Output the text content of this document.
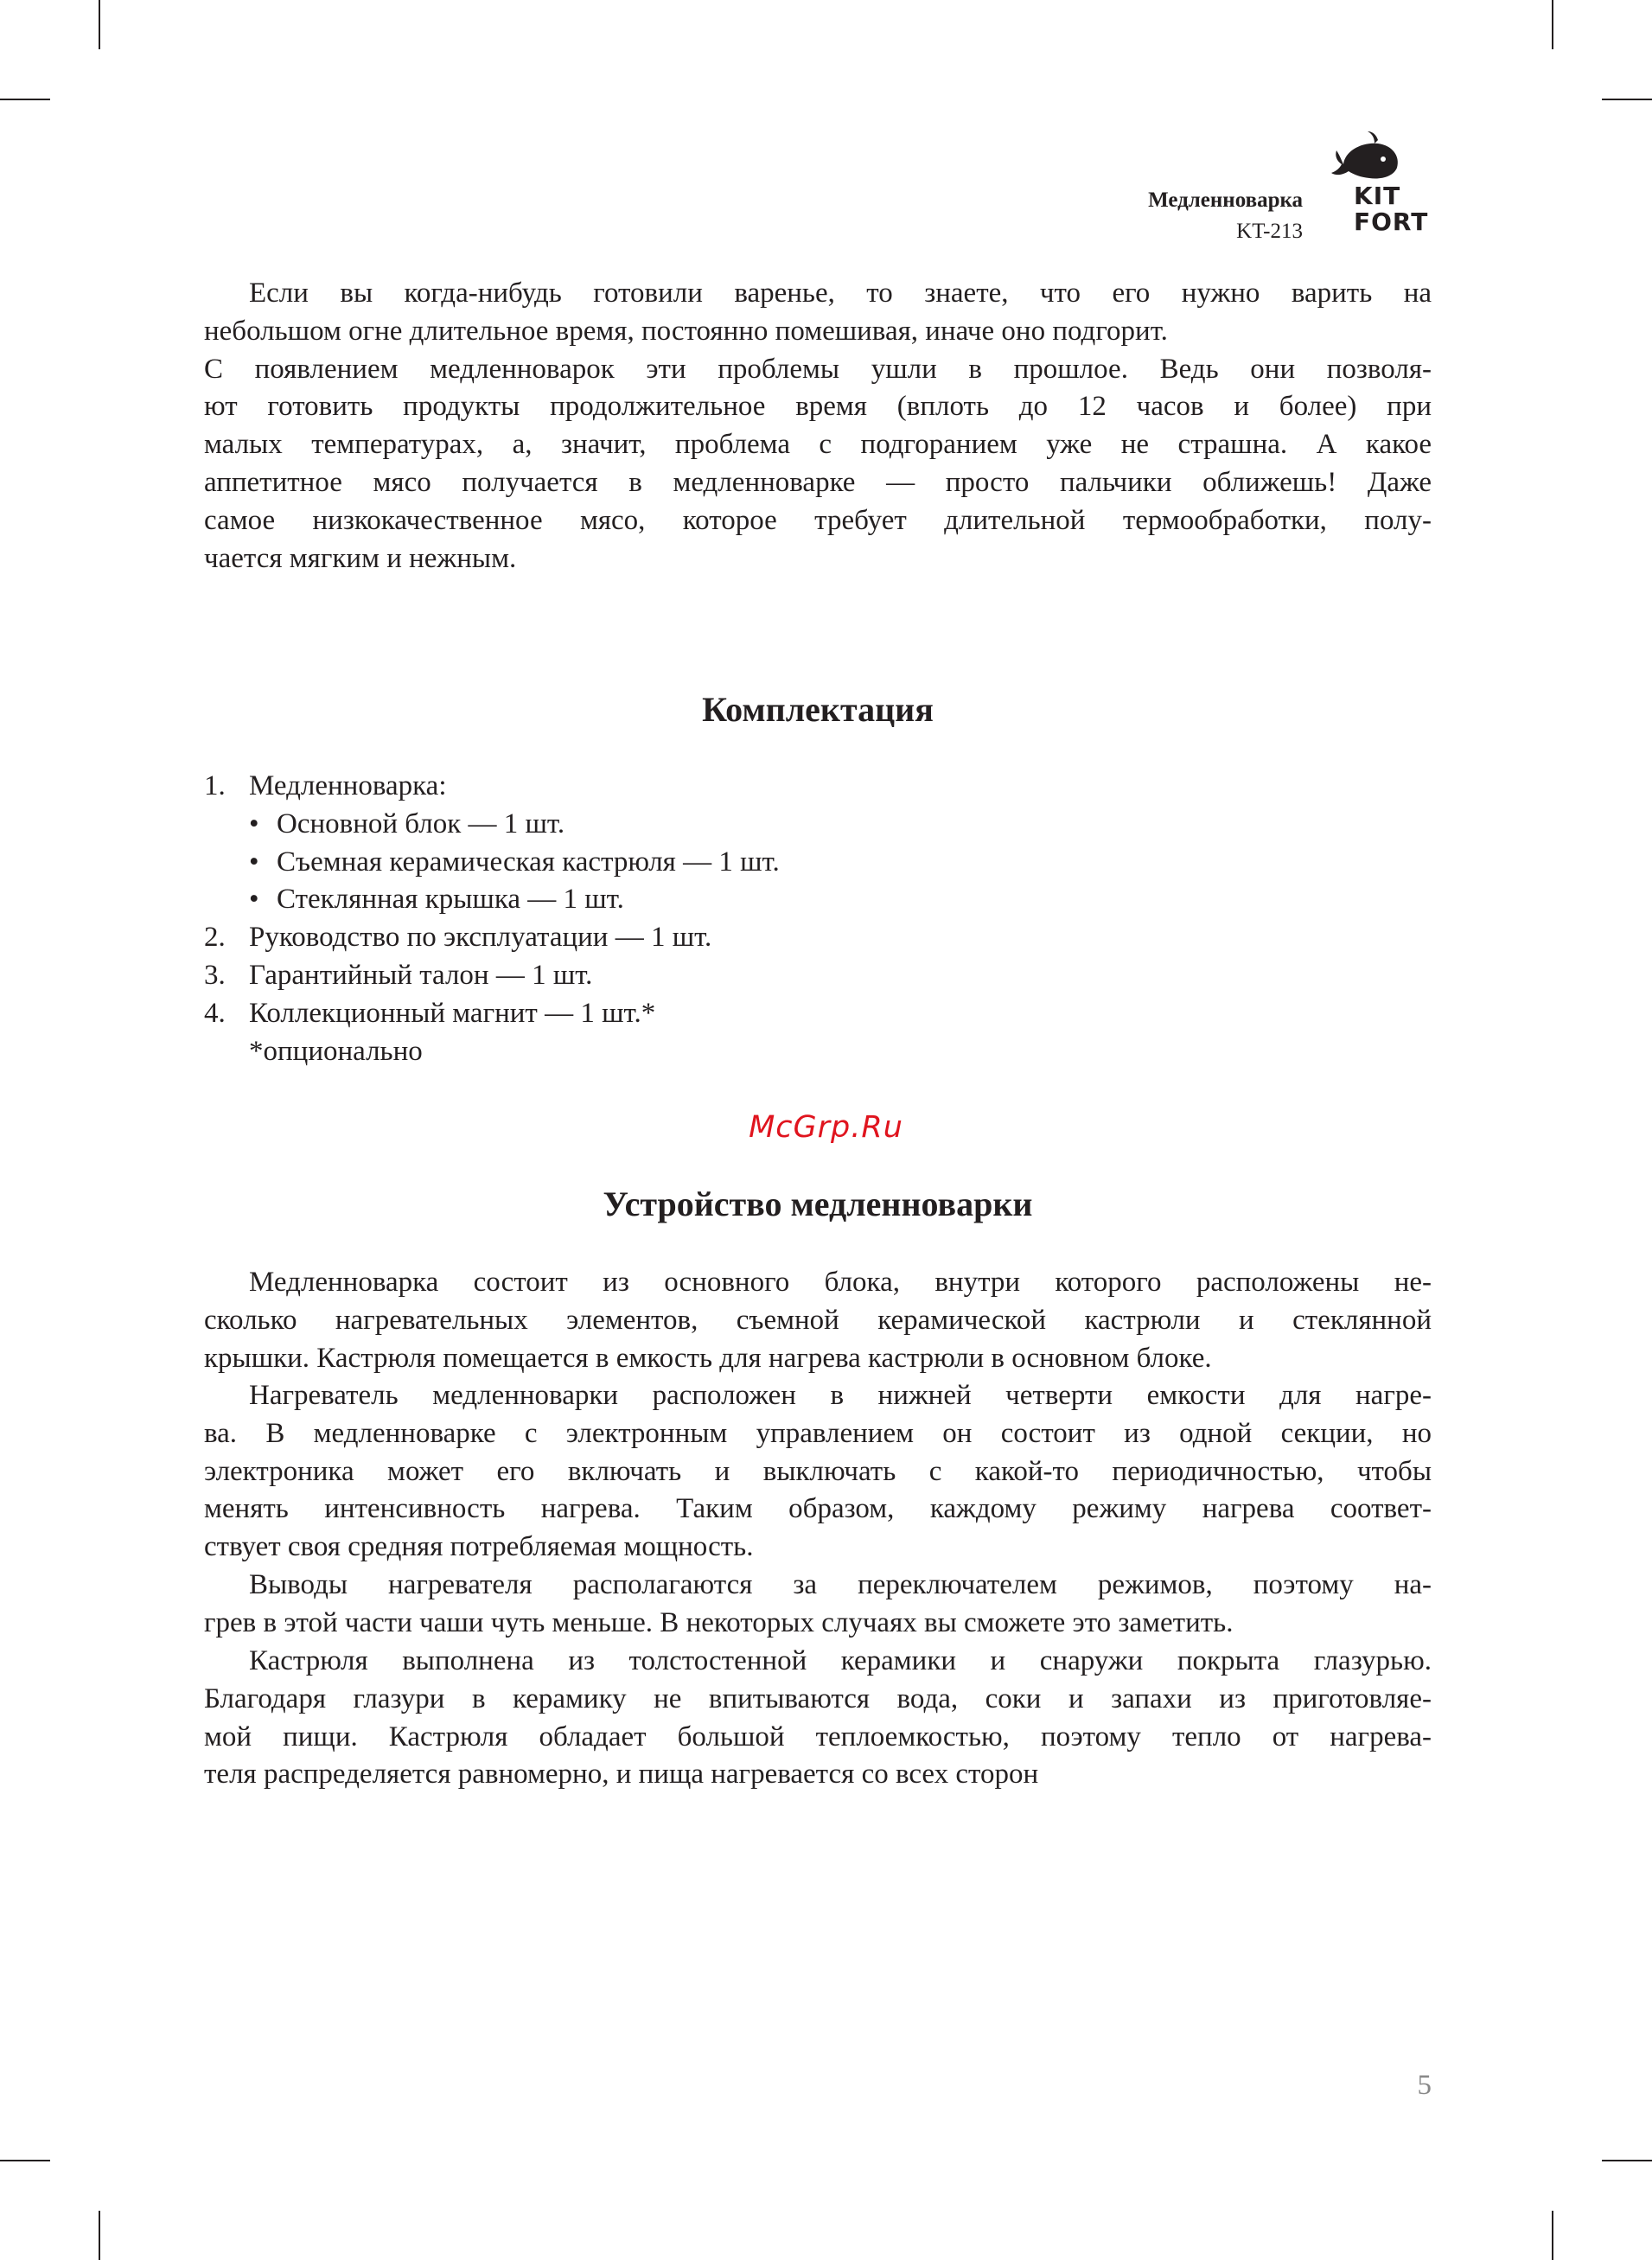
Медленноварка
KT-213
KIT
FORT
Если вы когда-нибудь готовили варенье, то знаете, что его нужно варить на
небольшом огне длительное время, постоянно помешивая, иначе оно подгорит.
С появлением медленноварок эти проблемы ушли в прошлое. Ведь они позволя-
ют готовить продукты продолжительное время (вплоть до 12 часов и более) при
малых температурах, а, значит, проблема с подгоранием уже не страшна. А какое
аппетитное мясо получается в медленноварке — просто пальчики оближешь! Даже
самое низкокачественное мясо, которое требует длительной термообработки, полу-
чается мягким и нежным.
Комплектация
1. Медленноварка:
• Основной блок — 1 шт.
• Съемная керамическая кастрюля — 1 шт.
• Стеклянная крышка — 1 шт.
2. Руководство по эксплуатации — 1 шт.
3. Гарантийный талон — 1 шт.
4. Коллекционный магнит — 1 шт.*
*опционально
McGrp.Ru
Устройство медленноварки
Медленноварка состоит из основного блока, внутри которого расположены не-
сколько нагревательных элементов, съемной керамической кастрюли и стеклянной
крышки. Кастрюля помещается в емкость для нагрева кастрюли в основном блоке.
Нагреватель медленноварки расположен в нижней четверти емкости для нагре-
ва. В медленноварке с электронным управлением он состоит из одной секции, но
электроника может его включать и выключать с какой-то периодичностью, чтобы
менять интенсивность нагрева. Таким образом, каждому режиму нагрева соответ-
ствует своя средняя потребляемая мощность.
Выводы нагревателя располагаются за переключателем режимов, поэтому на-
грев в этой части чаши чуть меньше. В некоторых случаях вы сможете это заметить.
Кастрюля выполнена из толстостенной керамики и снаружи покрыта глазурью.
Благодаря глазури в керамику не впитываются вода, соки и запахи из приготовляе-
мой пищи. Кастрюля обладает большой теплоемкостью, поэтому тепло от нагрева-
теля распределяется равномерно, и пища нагревается со всех сторон
5
